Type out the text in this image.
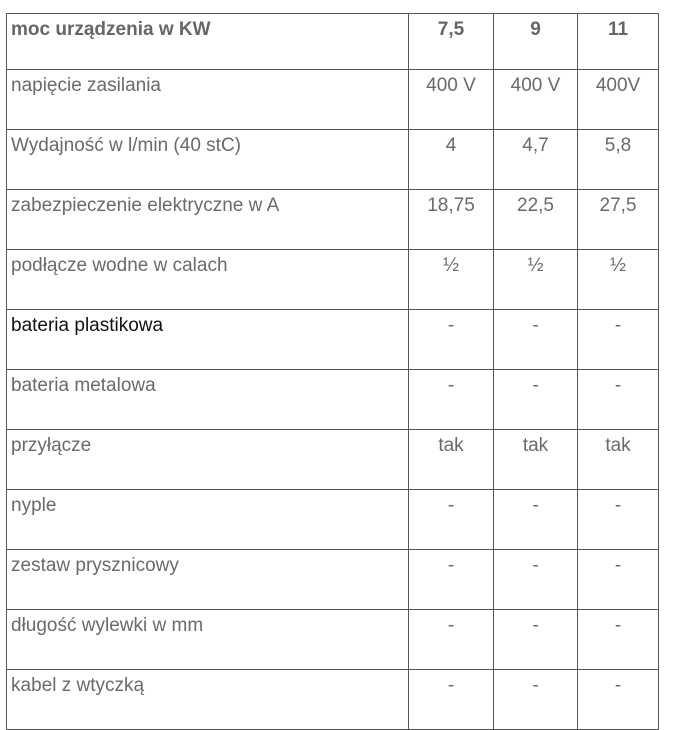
moc urządzenia w KW	7,5	9	11
napięcie zasilania	400 V	400 V	400V
Wydajność w l/min (40 stC)	4	4,7	5,8
zabezpieczenie elektryczne w A	18,75	22,5	27,5
podłącze wodne w calach	½	½	½
bateria plastikowa	-	-	-
bateria metalowa	-	-	-
przyłącze	tak	tak	tak
nyple	-	-	-
zestaw prysznicowy	-	-	-
długość wylewki w mm	-	-	-
kabel z wtyczką	-	-	-
